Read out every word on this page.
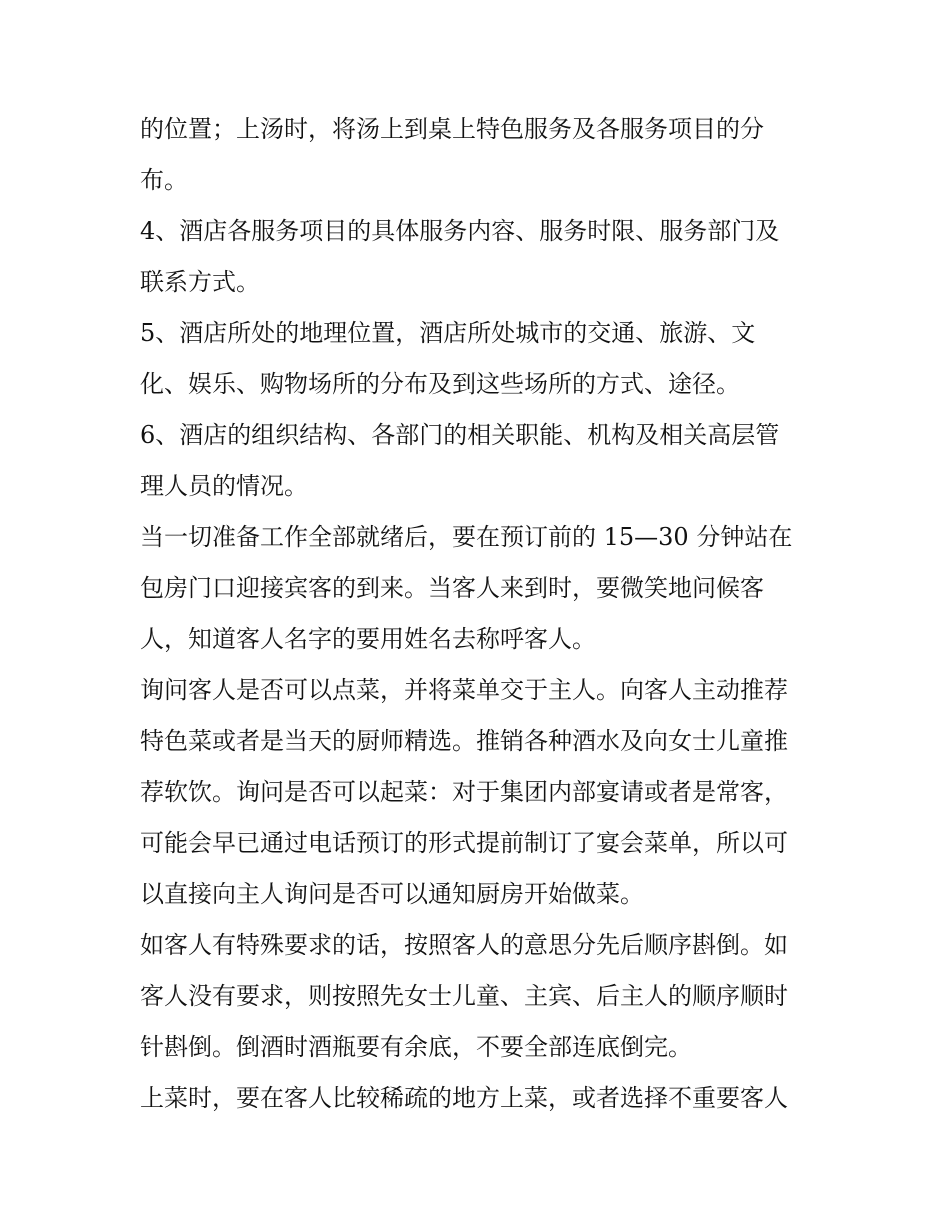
的位置；上汤时，将汤上到桌上特色服务及各服务项目的分
布。
4、酒店各服务项目的具体服务内容、服务时限、服务部门及
联系方式。
5、酒店所处的地理位置，酒店所处城市的交通、旅游、文
化、娱乐、购物场所的分布及到这些场所的方式、途径。
6、酒店的组织结构、各部门的相关职能、机构及相关高层管
理人员的情况。
当一切准备工作全部就绪后，要在预订前的 15—30 分钟站在
包房门口迎接宾客的到来。当客人来到时，要微笑地问候客
人，知道客人名字的要用姓名去称呼客人。
询问客人是否可以点菜，并将菜单交于主人。向客人主动推荐
特色菜或者是当天的厨师精选。推销各种酒水及向女士儿童推
荐软饮。询问是否可以起菜：对于集团内部宴请或者是常客，
可能会早已通过电话预订的形式提前制订了宴会菜单，所以可
以直接向主人询问是否可以通知厨房开始做菜。
如客人有特殊要求的话，按照客人的意思分先后顺序斟倒。如
客人没有要求，则按照先女士儿童、主宾、后主人的顺序顺时
针斟倒。倒酒时酒瓶要有余底，不要全部连底倒完。
上菜时，要在客人比较稀疏的地方上菜，或者选择不重要客人
